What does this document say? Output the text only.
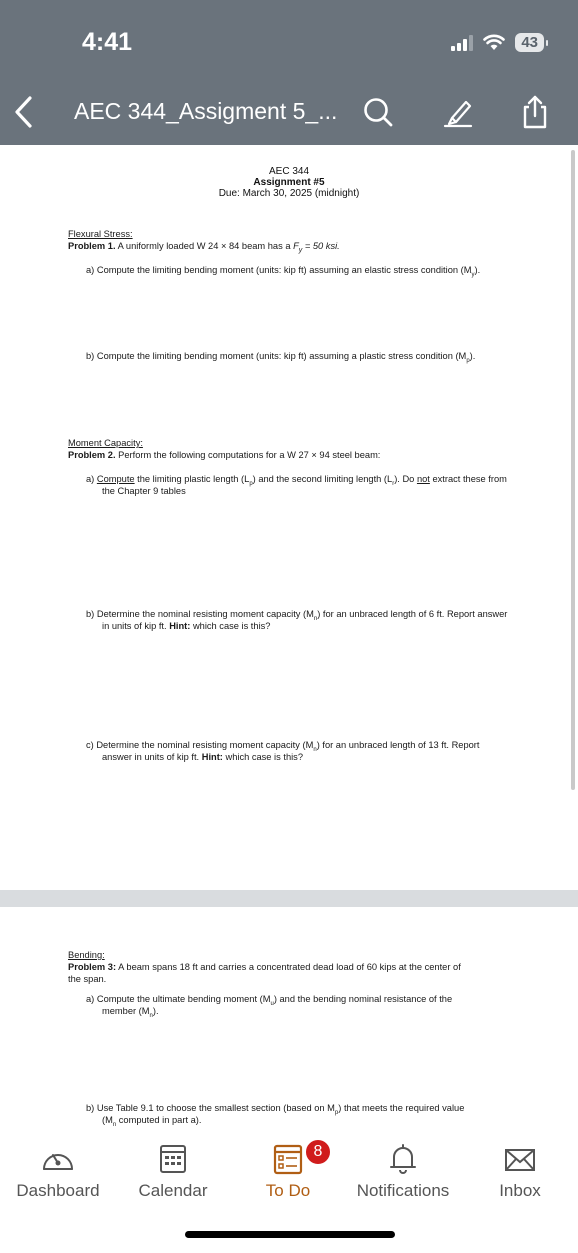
4:41	43
AEC 344_Assigment 5_...
AEC 344
Assignment #5
Due: March 30, 2025 (midnight)
Flexural Stress:
Problem 1. A uniformly loaded W 24 × 84 beam has a $F_y = 50$ ksi.
a) Compute the limiting bending moment (units: kip ft) assuming an elastic stress condition $(M_y)$.
b) Compute the limiting bending moment (units: kip ft) assuming a plastic stress condition $(M_p)$.
Moment Capacity:
Problem 2. Perform the following computations for a W 27 × 94 steel beam:
a) Compute the limiting plastic length $(L_p)$ and the second limiting length $(L_r)$. Do not extract these from
the Chapter 9 tables
b) Determine the nominal resisting moment capacity $(M_n)$ for an unbraced length of 6 ft. Report answer
in units of kip ft. Hint: which case is this?
c) Determine the nominal resisting moment capacity $(M_n)$ for an unbraced length of 13 ft. Report
answer in units of kip ft. Hint: which case is this?
Bending:
Problem 3: A beam spans 18 ft and carries a concentrated dead load of 60 kips at the center of
the span.
a) Compute the ultimate bending moment $(M_u)$ and the bending nominal resistance of the
member $(M_n)$.
b) Use Table 9.1 to choose the smallest section (based on $M_p$) that meets the required value
($M_n$ computed in part a).
Dashboard	Calendar
8
To Do	Notifications	Inbox
